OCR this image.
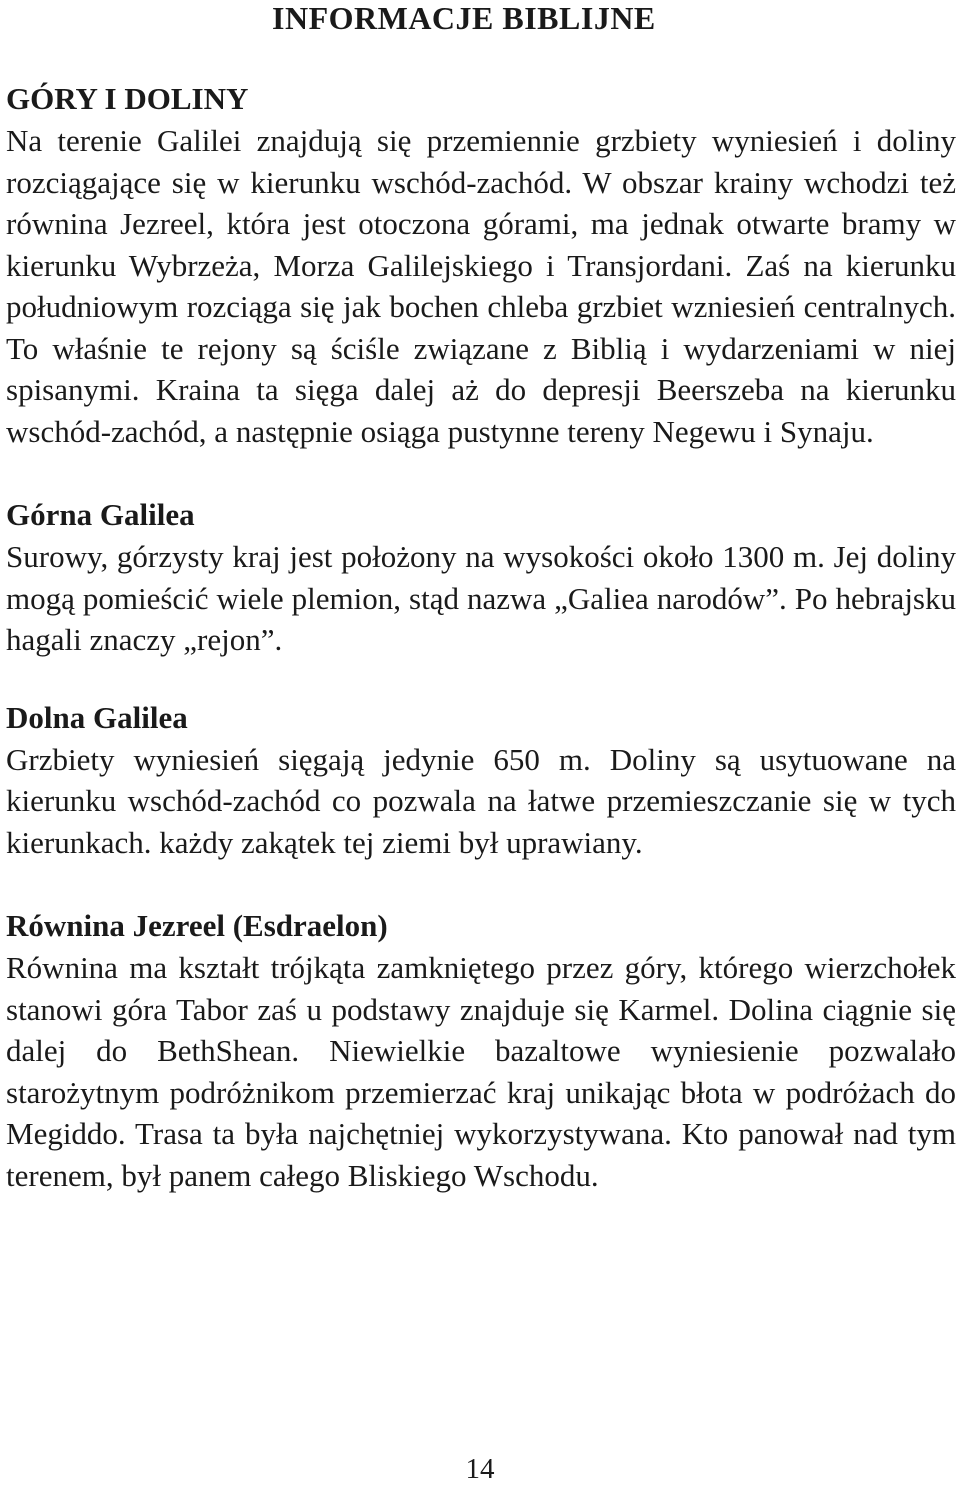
INFORMACJE BIBLIJNE
GÓRY I DOLINY

Na terenie Galilei znajdują się przemiennie grzbiety wyniesień i doliny rozciągające się w kierunku wschód-zachód. W obszar krainy wchodzi też równina Jezreel, która jest otoczona górami, ma jednak otwarte bramy w kierunku Wybrzeża, Morza Galilejskiego i Transjordani. Zaś na kierunku południowym rozciąga się jak bochen chleba grzbiet wzniesień centralnych. To właśnie te rejony są ściśle związane z Biblią i wydarzeniami w niej spisanymi. Kraina ta sięga dalej aż do depresji Beerszeba na kierunku wschód-zachód, a następnie osiąga pustynne tereny Negewu i Synaju.

Górna Galilea

Surowy, górzysty kraj jest położony na wysokości około 1300 m. Jej doliny mogą pomieścić wiele plemion, stąd nazwa „Galiea narodów”. Po hebrajsku hagali znaczy „rejon”.

Dolna Galilea

Grzbiety wyniesień sięgają jedynie 650 m. Doliny są usytuowane na kierunku wschód-zachód co pozwala na łatwe przemieszczanie się w tych kierunkach. każdy zakątek tej ziemi był uprawiany.

Równina Jezreel (Esdraelon)

Równina ma kształt trójkąta zamkniętego przez góry, którego wierzchołek stanowi góra Tabor zaś u podstawy znajduje się Karmel. Dolina ciągnie się dalej do BethShean. Niewielkie bazaltowe wyniesienie pozwalało starożytnym podróżnikom przemierzać kraj unikając błota w podróżach do Megiddo. Trasa ta była najchętniej wykorzystywana. Kto panował nad tym terenem, był panem całego Bliskiego Wschodu.

14
